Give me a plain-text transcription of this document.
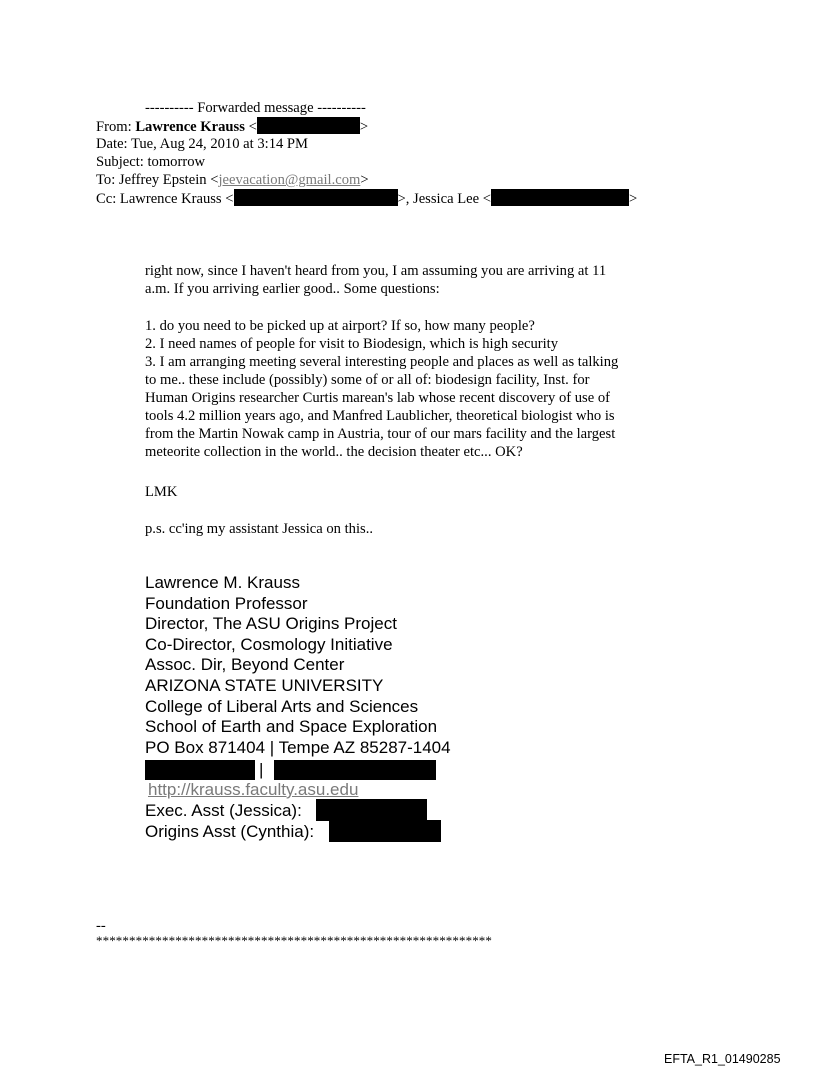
---------- Forwarded message ----------
From: Lawrence Krauss <	>
Date: Tue, Aug 24, 2010 at 3:14 PM
Subject: tomorrow
To: Jeffrey Epstein <jeevacation@gmail.com>
Cc: Lawrence Krauss <	>, Jessica Lee <	>
right now, since I haven't heard from you, I am assuming you are arriving at 11
a.m. If you arriving earlier good.. Some questions:
1. do you need to be picked up at airport? If so, how many people?
2. I need names of people for visit to Biodesign, which is high security
3. I am arranging meeting several interesting people and places as well as talking
to me.. these include (possibly) some of or all of: biodesign facility, Inst. for
Human Origins researcher Curtis marean's lab whose recent discovery of use of
tools 4.2 million years ago, and Manfred Laublicher, theoretical biologist who is
from the Martin Nowak camp in Austria, tour of our mars facility and the largest
meteorite collection in the world.. the decision theater etc... OK?
LMK
p.s. cc'ing my assistant Jessica on this..
Lawrence M. Krauss
Foundation Professor
Director, The ASU Origins Project
Co-Director, Cosmology Initiative
Assoc. Dir, Beyond Center
ARIZONA STATE UNIVERSITY
College of Liberal Arts and Sciences
School of Earth and Space Exploration
PO Box 871404 | Tempe AZ 85287-1404
|
http://krauss.faculty.asu.edu
Exec. Asst (Jessica):
Origins Asst (Cynthia):
--
************************************************************
EFTA_R1_01490285
